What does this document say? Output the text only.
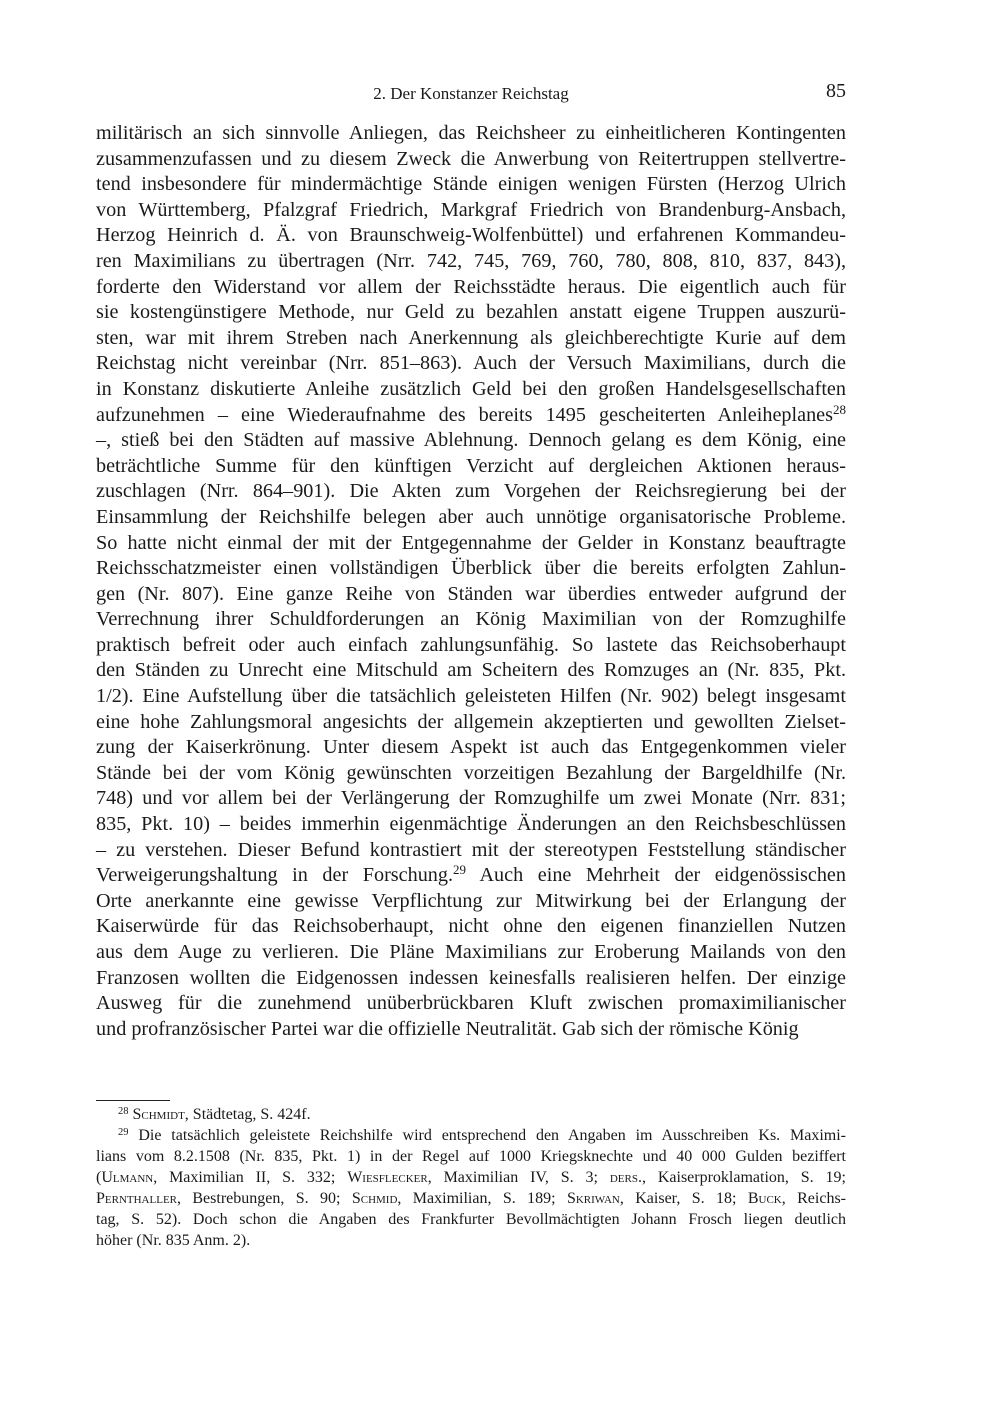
2. Der Konstanzer Reichstag	85
militärisch an sich sinnvolle Anliegen, das Reichsheer zu einheitlicheren Kontingenten
zusammenzufassen und zu diesem Zweck die Anwerbung von Reitertruppen stellvertre-
tend insbesondere für mindermächtige Stände einigen wenigen Fürsten (Herzog Ulrich
von Württemberg, Pfalzgraf Friedrich, Markgraf Friedrich von Brandenburg-Ansbach,
Herzog Heinrich d. Ä. von Braunschweig-Wolfenbüttel) und erfahrenen Kommandeu-
ren Maximilians zu übertragen (Nrr. 742, 745, 769, 760, 780, 808, 810, 837, 843),
forderte den Widerstand vor allem der Reichsstädte heraus. Die eigentlich auch für
sie kostengünstigere Methode, nur Geld zu bezahlen anstatt eigene Truppen auszurü-
sten, war mit ihrem Streben nach Anerkennung als gleichberechtigte Kurie auf dem
Reichstag nicht vereinbar (Nrr. 851–863). Auch der Versuch Maximilians, durch die
in Konstanz diskutierte Anleihe zusätzlich Geld bei den großen Handelsgesellschaften
aufzunehmen – eine Wiederaufnahme des bereits 1495 gescheiterten Anleiheplanes$^{28}$
–, stieß bei den Städten auf massive Ablehnung. Dennoch gelang es dem König, eine
beträchtliche Summe für den künftigen Verzicht auf dergleichen Aktionen heraus-
zuschlagen (Nrr. 864–901). Die Akten zum Vorgehen der Reichsregierung bei der
Einsammlung der Reichshilfe belegen aber auch unnötige organisatorische Probleme.
So hatte nicht einmal der mit der Entgegennahme der Gelder in Konstanz beauftragte
Reichsschatzmeister einen vollständigen Überblick über die bereits erfolgten Zahlun-
gen (Nr. 807). Eine ganze Reihe von Ständen war überdies entweder aufgrund der
Verrechnung ihrer Schuldforderungen an König Maximilian von der Romzughilfe
praktisch befreit oder auch einfach zahlungsunfähig. So lastete das Reichsoberhaupt
den Ständen zu Unrecht eine Mitschuld am Scheitern des Romzuges an (Nr. 835, Pkt.
1/2). Eine Aufstellung über die tatsächlich geleisteten Hilfen (Nr. 902) belegt insgesamt
eine hohe Zahlungsmoral angesichts der allgemein akzeptierten und gewollten Zielset-
zung der Kaiserkrönung. Unter diesem Aspekt ist auch das Entgegenkommen vieler
Stände bei der vom König gewünschten vorzeitigen Bezahlung der Bargeldhilfe (Nr.
748) und vor allem bei der Verlängerung der Romzughilfe um zwei Monate (Nrr. 831;
835, Pkt. 10) – beides immerhin eigenmächtige Änderungen an den Reichsbeschlüssen
– zu verstehen. Dieser Befund kontrastiert mit der stereotypen Feststellung ständischer
Verweigerungshaltung in der Forschung.$^{29}$ Auch eine Mehrheit der eidgenössischen
Orte anerkannte eine gewisse Verpflichtung zur Mitwirkung bei der Erlangung der
Kaiserwürde für das Reichsoberhaupt, nicht ohne den eigenen finanziellen Nutzen
aus dem Auge zu verlieren. Die Pläne Maximilians zur Eroberung Mailands von den
Franzosen wollten die Eidgenossen indessen keinesfalls realisieren helfen. Der einzige
Ausweg für die zunehmend unüberbrückbaren Kluft zwischen promaximilianischer
und profranzösischer Partei war die offizielle Neutralität. Gab sich der römische König
$^{28}$ Schmidt, Städtetag, S. 424f.
$^{29}$ Die tatsächlich geleistete Reichshilfe wird entsprechend den Angaben im Ausschreiben Ks. Maximi-
lians vom 8.2.1508 (Nr. 835, Pkt. 1) in der Regel auf 1000 Kriegsknechte und 40 000 Gulden beziffert
(Ulmann, Maximilian II, S. 332; Wiesflecker, Maximilian IV, S. 3; ders., Kaiserproklamation, S. 19;
Pernthaller, Bestrebungen, S. 90; Schmid, Maximilian, S. 189; Skriwan, Kaiser, S. 18; Buck, Reichs-
tag, S. 52). Doch schon die Angaben des Frankfurter Bevollmächtigten Johann Frosch liegen deutlich
höher (Nr. 835 Anm. 2).
